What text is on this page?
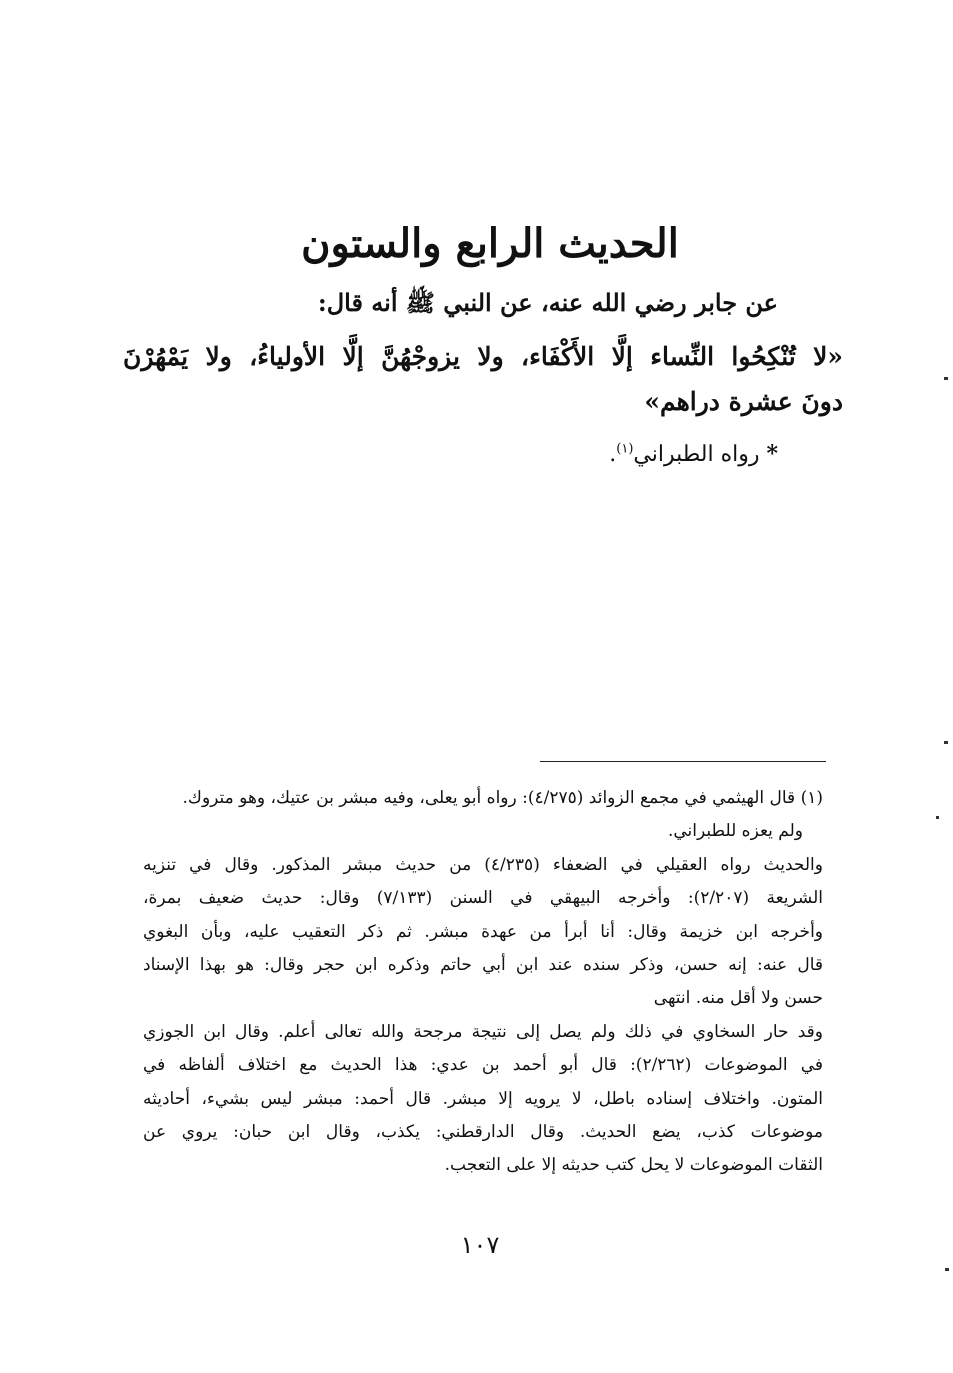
الحديث الرابع والستون
عن جابر رضي الله عنه، عن النبي ﷺ أنه قال:
«لا تُنْكِحُوا النِّساء إلَّا الأَكْفَاء، ولا يزوجْهُنَّ إلَّا الأولياءُ، ولا يَمْهُرْنَ
دونَ عشرة دراهم»
* رواه الطبراني$^{(١)}$.
(١) قال الهيثمي في مجمع الزوائد (٤/٢٧٥): رواه أبو يعلى، وفيه مبشر بن عتيك، وهو متروك.
ولم يعزه للطبراني.
والحديث رواه العقيلي في الضعفاء (٤/٢٣٥) من حديث مبشر المذكور. وقال في تنزيه
الشريعة (٢/٢٠٧): وأخرجه البيهقي في السنن (٧/١٣٣) وقال: حديث ضعيف بمرة،
وأخرجه ابن خزيمة وقال: أنا أبرأ من عهدة مبشر. ثم ذكر التعقيب عليه، وبأن البغوي
قال عنه: إنه حسن، وذكر سنده عند ابن أبي حاتم وذكره ابن حجر وقال: هو بهذا الإسناد
حسن ولا أقل منه. انتهى
وقد حار السخاوي في ذلك ولم يصل إلى نتيجة مرجحة والله تعالى أعلم. وقال ابن الجوزي
في الموضوعات (٢/٢٦٢): قال أبو أحمد بن عدي: هذا الحديث مع اختلاف ألفاظه في
المتون. واختلاف إسناده باطل، لا يرويه إلا مبشر. قال أحمد: مبشر ليس بشيء، أحاديثه
موضوعات كذب، يضع الحديث. وقال الدارقطني: يكذب، وقال ابن حبان: يروي عن
الثقات الموضوعات لا يحل كتب حديثه إلا على التعجب.
١٠٧
